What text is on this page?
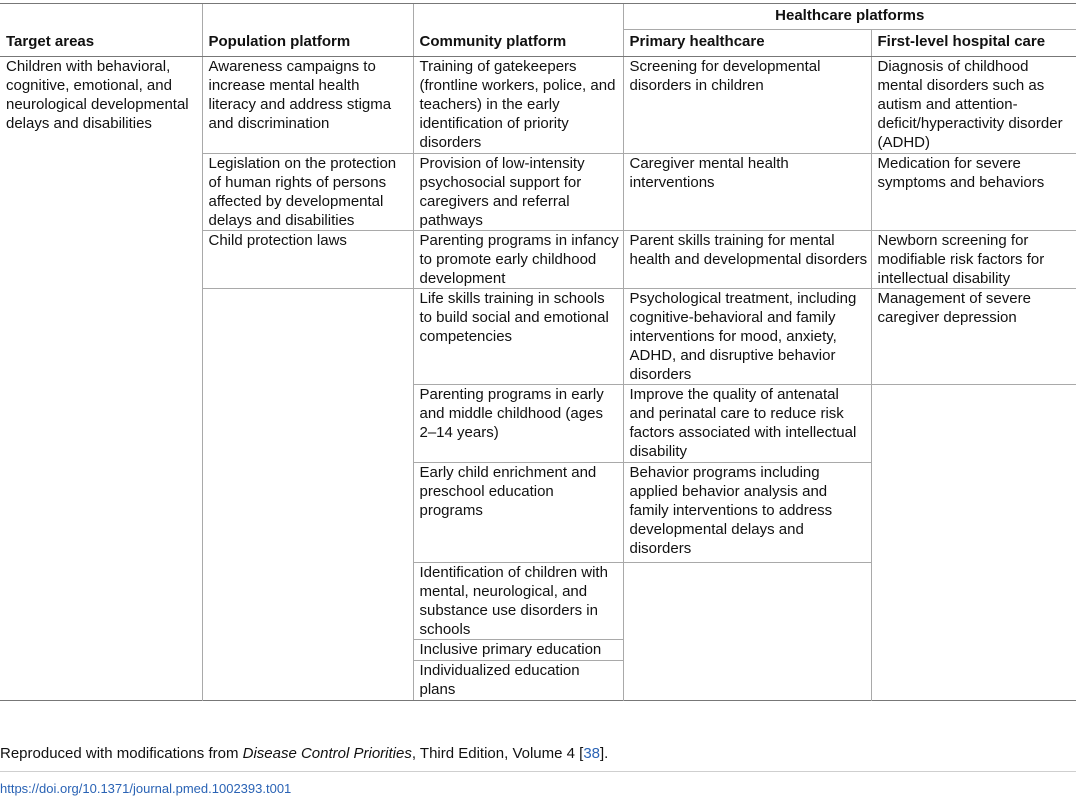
			Healthcare platforms	
Target areas	Population platform	Community platform	Primary healthcare	First-level hospital care
Children with behavioral, cognitive, emotional, and neurological developmental delays and disabilities	Awareness campaigns to increase mental health literacy and address stigma and discrimination	Training of gatekeepers (frontline workers, police, and teachers) in the early identification of priority disorders	Screening for developmental disorders in children	Diagnosis of childhood mental disorders such as autism and attention-deficit/hyperactivity disorder (ADHD)
	Legislation on the protection of human rights of persons affected by developmental delays and disabilities	Provision of low-intensity psychosocial support for caregivers and referral pathways	Caregiver mental health interventions	Medication for severe symptoms and behaviors
	Child protection laws	Parenting programs in infancy to promote early childhood development	Parent skills training for mental health and developmental disorders	Newborn screening for modifiable risk factors for intellectual disability
		Life skills training in schools to build social and emotional competencies	Psychological treatment, including cognitive-behavioral and family interventions for mood, anxiety, ADHD, and disruptive behavior disorders	Management of severe caregiver depression
		Parenting programs in early and middle childhood (ages 2–14 years)	Improve the quality of antenatal and perinatal care to reduce risk factors associated with intellectual disability	
		Early child enrichment and preschool education programs	Behavior programs including applied behavior analysis and family interventions to address developmental delays and disorders	
		Identification of children with mental, neurological, and substance use disorders in schools		
		Inclusive primary education		
		Individualized education plans		

Reproduced with modifications from Disease Control Priorities, Third Edition, Volume 4 [38].
https://doi.org/10.1371/journal.pmed.1002393.t001
